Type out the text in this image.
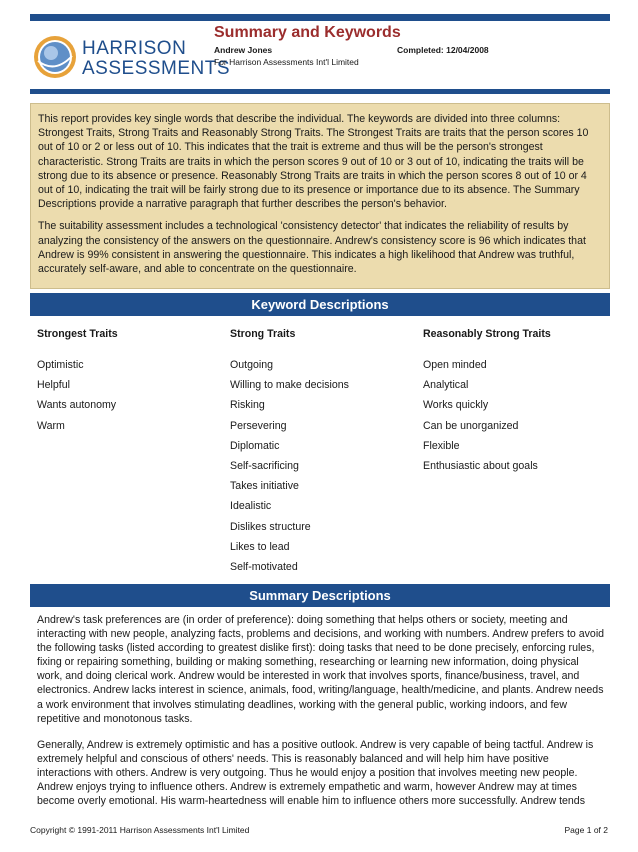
HARRISON
ASSESSMENTS
Summary and Keywords
Andrew Jones	Completed: 12/04/2008
For Harrison Assessments Int'l Limited

This report provides key single words that describe the individual. The keywords are divided into three columns: Strongest Traits, Strong Traits and Reasonably Strong Traits. The Strongest Traits are traits that the person scores 10 out of 10 or 2 or less out of 10. This indicates that the trait is extreme and thus will be the person's strongest characteristic. Strong Traits are traits in which the person scores 9 out of 10 or 3 out of 10, indicating the traits will be strong due to its absence or presence. Reasonably Strong Traits are traits in which the person scores 8 out of 10 or 4 out of 10, indicating the trait will be fairly strong due to its presence or importance due to its absence. The Summary Descriptions provide a narrative paragraph that further describes the person's behavior.

The suitability assessment includes a technological 'consistency detector' that indicates the reliability of results by analyzing the consistency of the answers on the questionnaire. Andrew's consistency score is 96 which indicates that Andrew is 99% consistent in answering the questionnaire. This indicates a high likelihood that Andrew was truthful, accurately self-aware, and able to concentrate on the questionnaire.

Keyword Descriptions
Strongest Traits
Optimistic
Helpful
Wants autonomy
Warm
Strong Traits
Outgoing
Willing to make decisions
Risking
Persevering
Diplomatic
Self-sacrificing
Takes initiative
Idealistic
Dislikes structure
Likes to lead
Self-motivated
Reasonably Strong Traits
Open minded
Analytical
Works quickly
Can be unorganized
Flexible
Enthusiastic about goals
Summary Descriptions

Andrew's task preferences are (in order of preference): doing something that helps others or society, meeting and interacting with new people, analyzing facts, problems and decisions, and working with numbers. Andrew prefers to avoid the following tasks (listed according to greatest dislike first): doing tasks that need to be done precisely, enforcing rules, fixing or repairing something, building or making something, researching or learning new information, doing physical work, and doing clerical work. Andrew would be interested in work that involves sports, finance/business, travel, and electronics. Andrew lacks interest in science, animals, food, writing/language, health/medicine, and plants. Andrew needs a work environment that involves stimulating deadlines, working with the general public, working indoors, and few repetitive and monotonous tasks.

Generally, Andrew is extremely optimistic and has a positive outlook. Andrew is very capable of being tactful. Andrew is extremely helpful and conscious of others' needs. This is reasonably balanced and will help him have positive interactions with others. Andrew is very outgoing. Thus he would enjoy a position that involves meeting new people. Andrew enjoys trying to influence others. Andrew is extremely empathetic and warm, however Andrew may at times become overly emotional. His warm-heartedness will enable him to influence others more successfully. Andrew tends

Copyright © 1991-2011 Harrison Assessments Int'l Limited	Page 1 of 2
